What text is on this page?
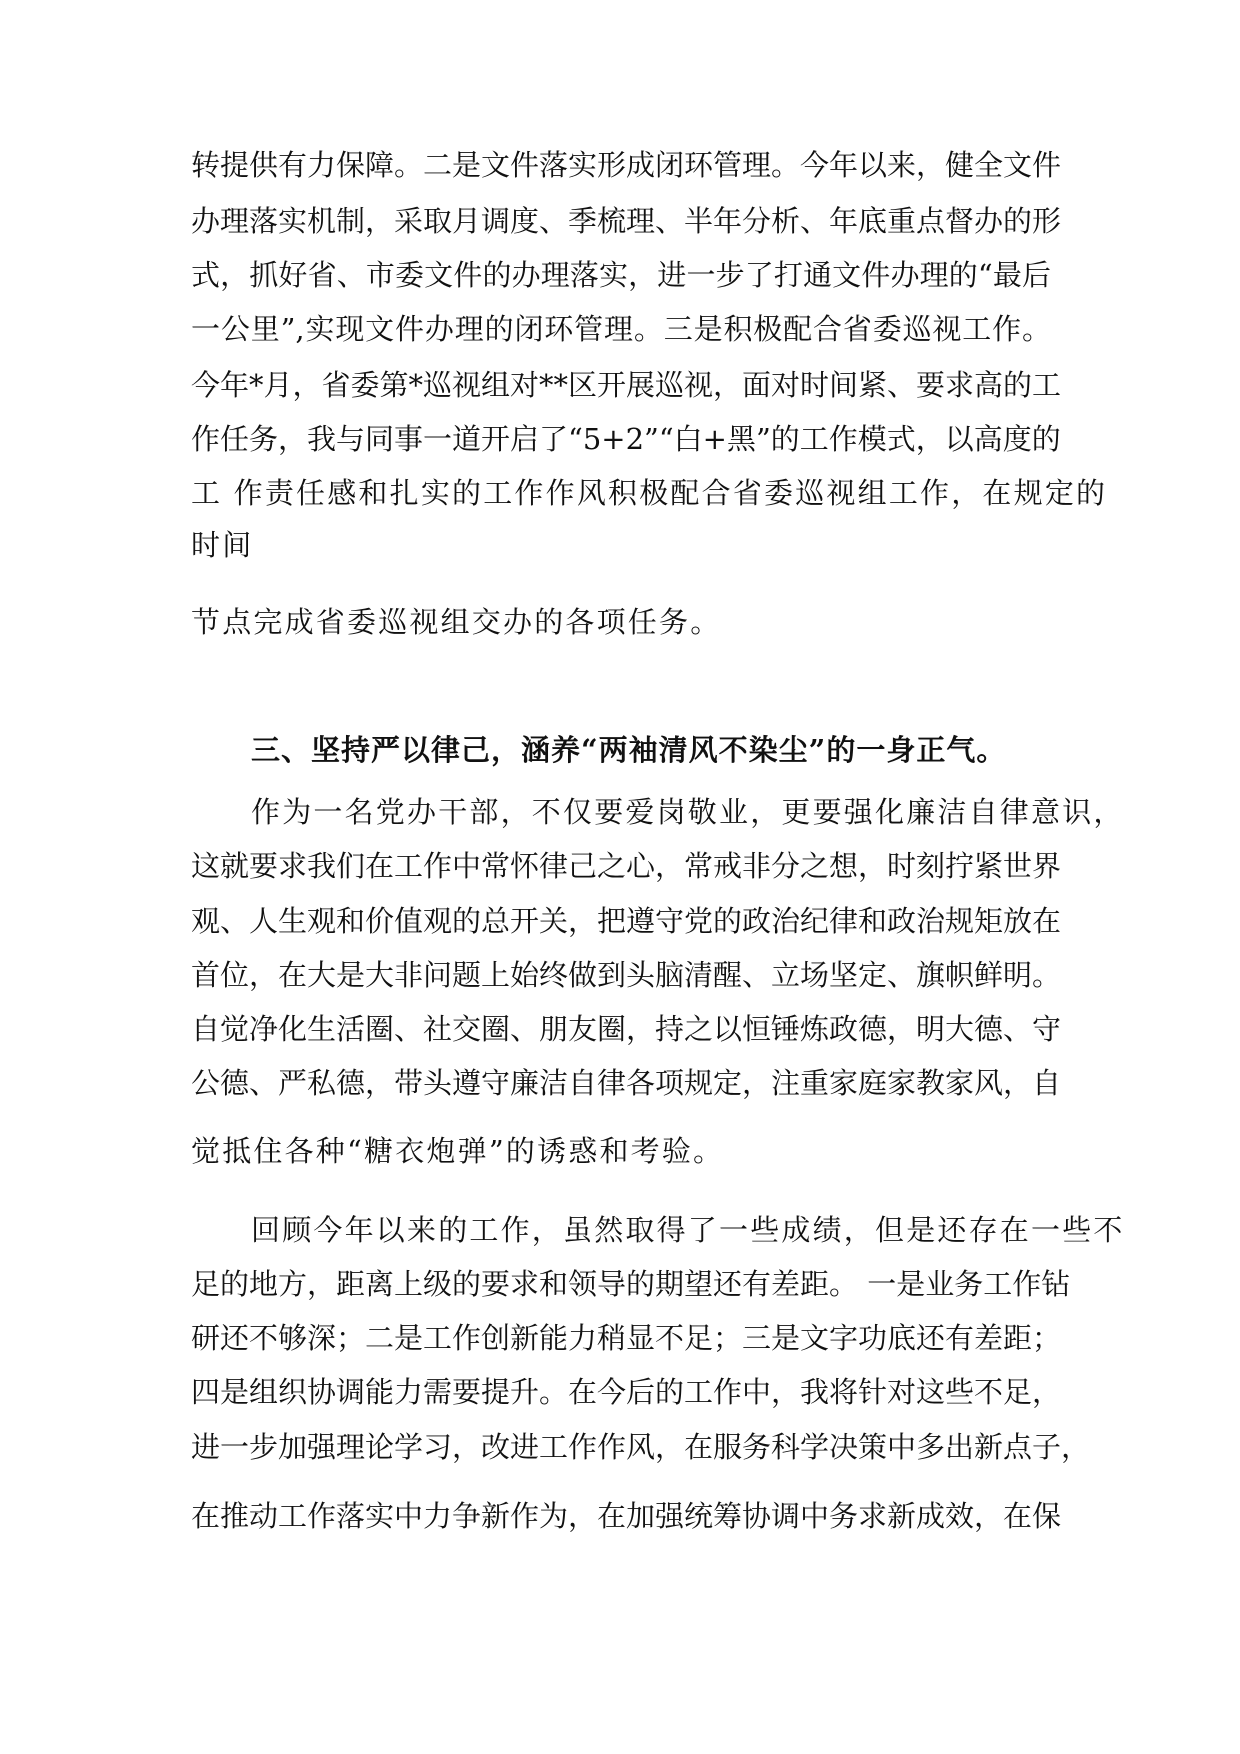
转提供有力保障。二是文件落实形成闭环管理。今年以来，健全文件
办理落实机制，采取月调度、季梳理、半年分析、年底重点督办的形
式，抓好省、市委文件的办理落实，进一步了打通文件办理的“最后
一公里”,实现文件办理的闭环管理。三是积极配合省委巡视工作。
今年*月，省委第*巡视组对**区开展巡视，面对时间紧、要求高的工
作任务，我与同事一道开启了“5+2”“白+黑”的工作模式，以高度的
工 作责任感和扎实的工作作风积极配合省委巡视组工作，在规定的
时间
节点完成省委巡视组交办的各项任务。
三、坚持严以律己，涵养“两袖清风不染尘”的一身正气。
作为一名党办干部，不仅要爱岗敬业，更要强化廉洁自律意识，
这就要求我们在工作中常怀律己之心，常戒非分之想，时刻拧紧世界
观、人生观和价值观的总开关，把遵守党的政治纪律和政治规矩放在
首位，在大是大非问题上始终做到头脑清醒、立场坚定、旗帜鲜明。
自觉净化生活圈、社交圈、朋友圈，持之以恒锤炼政德，明大德、守
公德、严私德，带头遵守廉洁自律各项规定，注重家庭家教家风，自
觉抵住各种“糖衣炮弹”的诱惑和考验。
回顾今年以来的工作，虽然取得了一些成绩，但是还存在一些不
足的地方，距离上级的要求和领导的期望还有差距。 一是业务工作钻
研还不够深；二是工作创新能力稍显不足；三是文字功底还有差距；
四是组织协调能力需要提升。在今后的工作中，我将针对这些不足，
进一步加强理论学习，改进工作作风，在服务科学决策中多出新点子，
在推动工作落实中力争新作为，在加强统筹协调中务求新成效，在保
